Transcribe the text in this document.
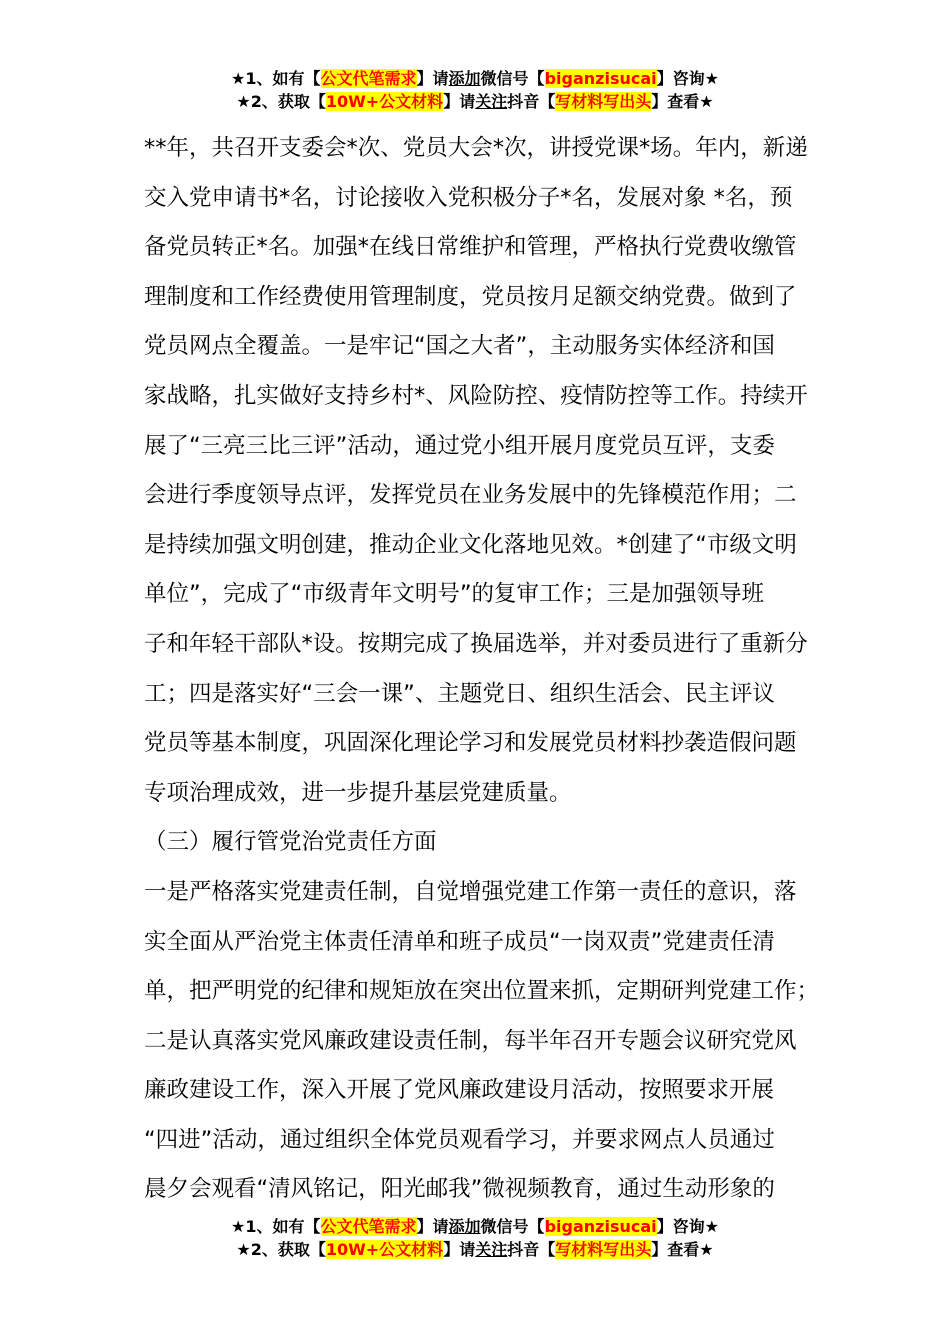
★1、如有【公文代笔需求】请添加微信号【biganzisucai】咨询★
★2、获取【10W+公文材料】请关注抖音【写材料写出头】查看★
**年，共召开支委会*次、党员大会*次，讲授党课*场。年内，新递
交入党申请书*名，讨论接收入党积极分子*名，发展对象 *名，预
备党员转正*名。加强*在线日常维护和管理，严格执行党费收缴管
理制度和工作经费使用管理制度，党员按月足额交纳党费。做到了
党员网点全覆盖。一是牢记“国之大者”，主动服务实体经济和国
家战略，扎实做好支持乡村*、风险防控、疫情防控等工作。持续开
展了“三亮三比三评”活动，通过党小组开展月度党员互评，支委
会进行季度领导点评，发挥党员在业务发展中的先锋模范作用；二
是持续加强文明创建，推动企业文化落地见效。*创建了“市级文明
单位”，完成了“市级青年文明号”的复审工作；三是加强领导班
子和年轻干部队*设。按期完成了换届选举，并对委员进行了重新分
工；四是落实好“三会一课”、主题党日、组织生活会、民主评议
党员等基本制度，巩固深化理论学习和发展党员材料抄袭造假问题
专项治理成效，进一步提升基层党建质量。
（三）履行管党治党责任方面
一是严格落实党建责任制，自觉增强党建工作第一责任的意识，落
实全面从严治党主体责任清单和班子成员“一岗双责”党建责任清
单，把严明党的纪律和规矩放在突出位置来抓，定期研判党建工作；
二是认真落实党风廉政建设责任制，每半年召开专题会议研究党风
廉政建设工作，深入开展了党风廉政建设月活动，按照要求开展
“四进”活动，通过组织全体党员观看学习，并要求网点人员通过
晨夕会观看“清风铭记，阳光邮我”微视频教育，通过生动形象的
★1、如有【公文代笔需求】请添加微信号【biganzisucai】咨询★
★2、获取【10W+公文材料】请关注抖音【写材料写出头】查看★
